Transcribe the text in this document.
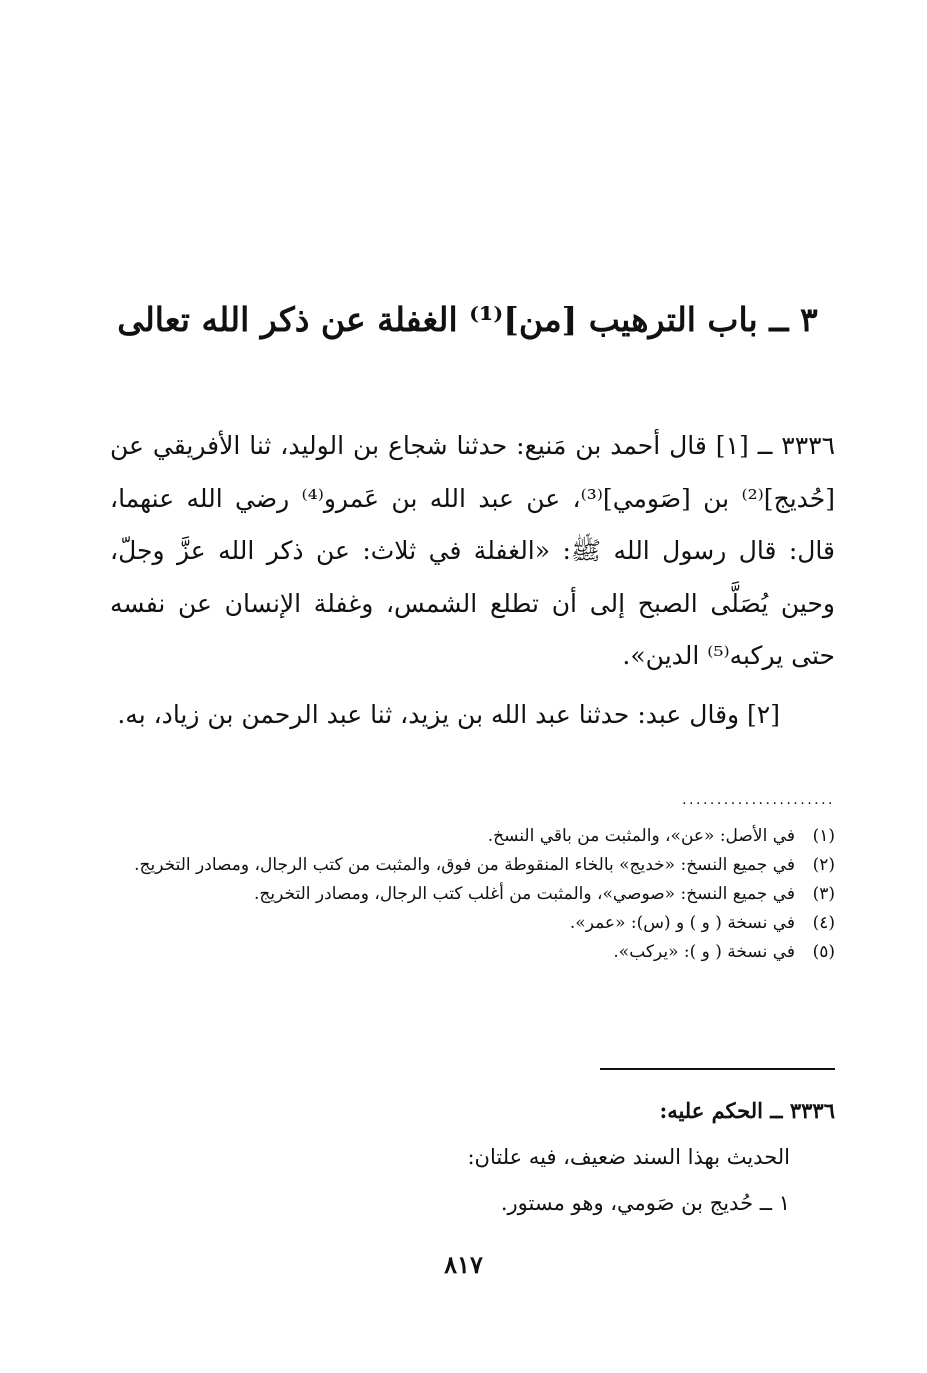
٣ ــ باب الترهيب [من]⁽¹⁾ الغفلة عن ذكر الله تعالى

٣٣٣٦ ــ [١] قال أحمد بن مَنيع: حدثنا شجاع بن الوليد، ثنا الأفريقي عن [حُديج]⁽²⁾ بن [صَومي]⁽³⁾، عن عبد الله بن عَمرو⁽⁴⁾ رضي الله عنهما، قال: قال رسول الله ﷺ: «الغفلة في ثلاث: عن ذكر الله عزَّ وجلّ، وحين يُصَلَّى الصبح إلى أن تطلع الشمس، وغفلة الإنسان عن نفسه حتى يركبه⁽⁵⁾ الدين».

[٢] وقال عبد: حدثنا عبد الله بن يزيد، ثنا عبد الرحمن بن زياد، به.

......................
(١)
في الأصل: «عن»، والمثبت من باقي النسخ.
(٢)
في جميع النسخ: «خديج» بالخاء المنقوطة من فوق، والمثبت من كتب الرجال، ومصادر التخريج.
(٣)
في جميع النسخ: «صوصي»، والمثبت من أغلب كتب الرجال، ومصادر التخريج.
(٤)
في نسخة ( و ) و (س): «عمر».
(٥)
في نسخة ( و ): «يركب».

٣٣٣٦ ــ الحكم عليه:

الحديث بهذا السند ضعيف، فيه علتان:

١ ــ حُديج بن صَومي، وهو مستور.

٨١٧
